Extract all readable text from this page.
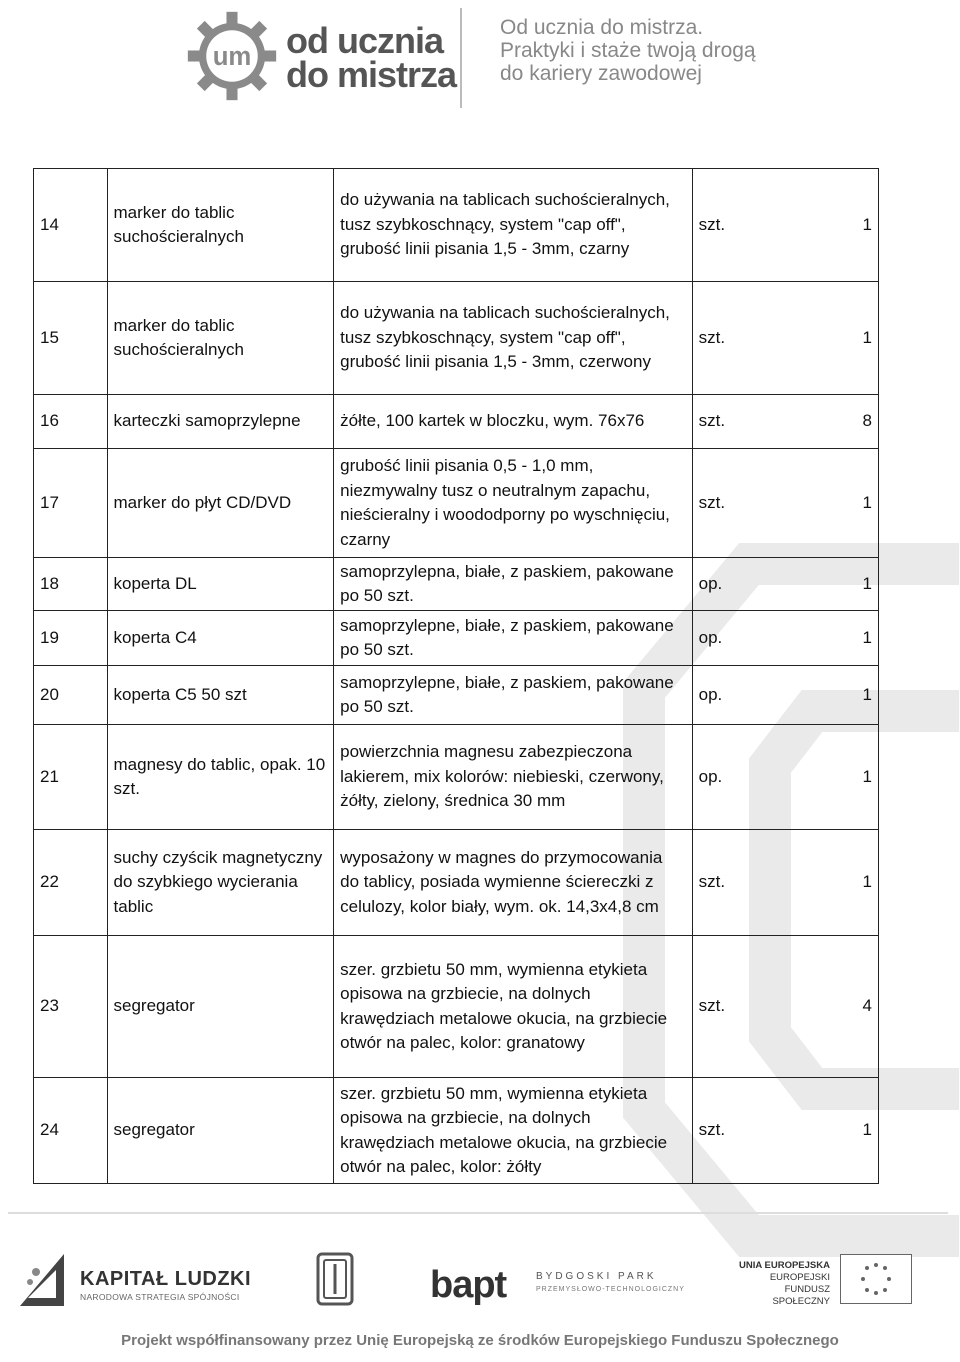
um od ucznia
do mistrza
Od ucznia do mistrza.
Praktyki i staże twoją drogą
do kariery zawodowej
14	marker do tablic suchościeralnych	do używania na tablicach suchościeralnych, tusz szybkoschnący, system "cap off", grubość linii pisania 1,5 - 3mm, czarny	szt.	1
15	marker do tablic suchościeralnych	do używania na tablicach suchościeralnych, tusz szybkoschnący, system "cap off", grubość linii pisania 1,5 - 3mm, czerwony	szt.	1
16	karteczki samoprzylepne	żółte, 100 kartek w bloczku, wym. 76x76	szt.	8
17	marker do płyt CD/DVD	grubość linii pisania 0,5 - 1,0 mm, niezmywalny tusz o neutralnym zapachu, nieścieralny i woododporny po wyschnięciu, czarny	szt.	1
18	koperta DL	samoprzylepna, białe, z paskiem, pakowane po 50 szt.	op.	1
19	koperta C4	samoprzylepne, białe, z paskiem, pakowane po 50 szt.	op.	1
20	koperta C5 50 szt	samoprzylepne, białe, z paskiem, pakowane po 50 szt.	op.	1
21	magnesy do tablic, opak. 10 szt.	powierzchnia magnesu zabezpieczona lakierem, mix kolorów: niebieski, czerwony, żółty, zielony, średnica 30 mm	op.	1
22	suchy czyścik magnetyczny do szybkiego wycierania tablic	wyposażony w magnes do przymocowania do tablicy, posiada wymienne ściereczki z celulozy, kolor biały, wym. ok. 14,3x4,8 cm	szt.	1
23	segregator	szer. grzbietu 50 mm, wymienna etykieta opisowa na grzbiecie, na dolnych krawędziach metalowe okucia, na grzbiecie otwór na palec, kolor: granatowy	szt.	4
24	segregator	szer. grzbietu 50 mm, wymienna etykieta opisowa na grzbiecie, na dolnych krawędziach metalowe okucia, na grzbiecie otwór na palec, kolor: żółty	szt.	1
KAPITAŁ LUDZKI
NARODOWA STRATEGIA SPÓJNOŚCI	bapt	BYDGOSKI PARK
PRZEMYSŁOWO-TECHNOLOGICZNY
UNIA EUROPEJSKA
EUROPEJSKI
FUNDUSZ SPOŁECZNY
Projekt współfinansowany przez Unię Europejską ze środków Europejskiego Funduszu Społecznego
